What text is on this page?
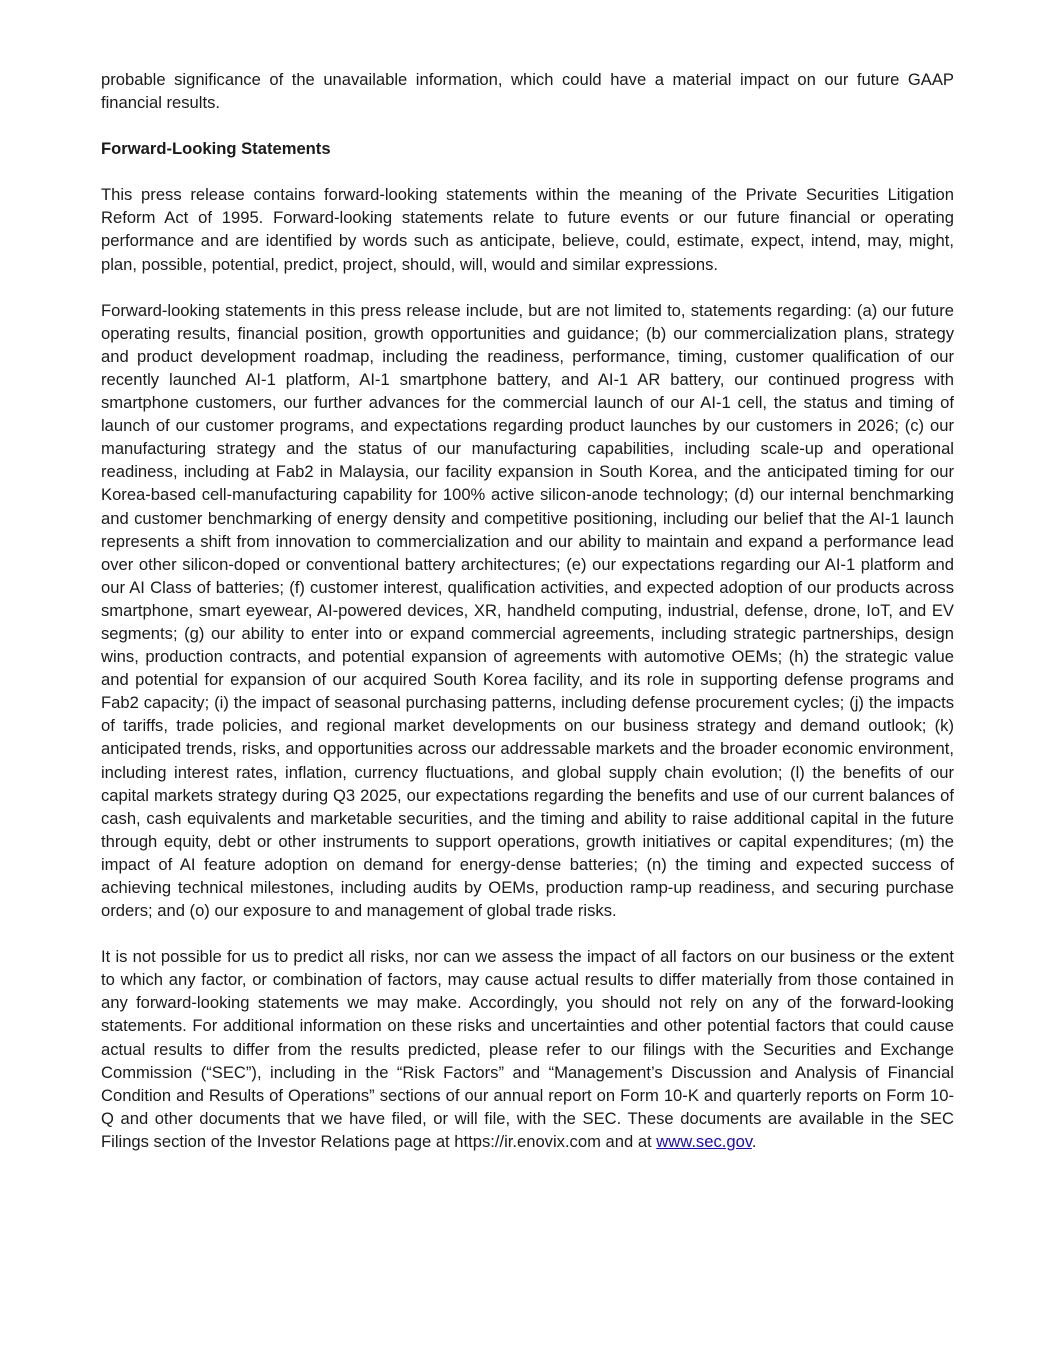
probable significance of the unavailable information, which could have a material impact on our future GAAP financial results.

Forward-Looking Statements

This press release contains forward-looking statements within the meaning of the Private Securities Litigation Reform Act of 1995. Forward-looking statements relate to future events or our future financial or operating performance and are identified by words such as anticipate, believe, could, estimate, expect, intend, may, might, plan, possible, potential, predict, project, should, will, would and similar expressions.

Forward-looking statements in this press release include, but are not limited to, statements regarding: (a) our future operating results, financial position, growth opportunities and guidance; (b) our commercialization plans, strategy and product development roadmap, including the readiness, performance, timing, customer qualification of our recently launched AI-1 platform, AI-1 smartphone battery, and AI-1 AR battery, our continued progress with smartphone customers, our further advances for the commercial launch of our AI-1 cell, the status and timing of launch of our customer programs, and expectations regarding product launches by our customers in 2026; (c) our manufacturing strategy and the status of our manufacturing capabilities, including scale-up and operational readiness, including at Fab2 in Malaysia, our facility expansion in South Korea, and the anticipated timing for our Korea-based cell-manufacturing capability for 100% active silicon-anode technology; (d) our internal benchmarking and customer benchmarking of energy density and competitive positioning, including our belief that the AI-1 launch represents a shift from innovation to commercialization and our ability to maintain and expand a performance lead over other silicon-doped or conventional battery architectures; (e) our expectations regarding our AI-1 platform and our AI Class of batteries; (f) customer interest, qualification activities, and expected adoption of our products across smartphone, smart eyewear, AI-powered devices, XR, handheld computing, industrial, defense, drone, IoT, and EV segments; (g) our ability to enter into or expand commercial agreements, including strategic partnerships, design wins, production contracts, and potential expansion of agreements with automotive OEMs; (h) the strategic value and potential for expansion of our acquired South Korea facility, and its role in supporting defense programs and Fab2 capacity; (i) the impact of seasonal purchasing patterns, including defense procurement cycles; (j) the impacts of tariffs, trade policies, and regional market developments on our business strategy and demand outlook; (k) anticipated trends, risks, and opportunities across our addressable markets and the broader economic environment, including interest rates, inflation, currency fluctuations, and global supply chain evolution; (l) the benefits of our capital markets strategy during Q3 2025, our expectations regarding the benefits and use of our current balances of cash, cash equivalents and marketable securities, and the timing and ability to raise additional capital in the future through equity, debt or other instruments to support operations, growth initiatives or capital expenditures; (m) the impact of AI feature adoption on demand for energy-dense batteries; (n) the timing and expected success of achieving technical milestones, including audits by OEMs, production ramp-up readiness, and securing purchase orders; and (o) our exposure to and management of global trade risks.

It is not possible for us to predict all risks, nor can we assess the impact of all factors on our business or the extent to which any factor, or combination of factors, may cause actual results to differ materially from those contained in any forward-looking statements we may make. Accordingly, you should not rely on any of the forward-looking statements. For additional information on these risks and uncertainties and other potential factors that could cause actual results to differ from the results predicted, please refer to our filings with the Securities and Exchange Commission (“SEC”), including in the “Risk Factors” and “Management’s Discussion and Analysis of Financial Condition and Results of Operations” sections of our annual report on Form 10-K and quarterly reports on Form 10-Q and other documents that we have filed, or will file, with the SEC. These documents are available in the SEC Filings section of the Investor Relations page at https://ir.enovix.com and at www.sec.gov.
